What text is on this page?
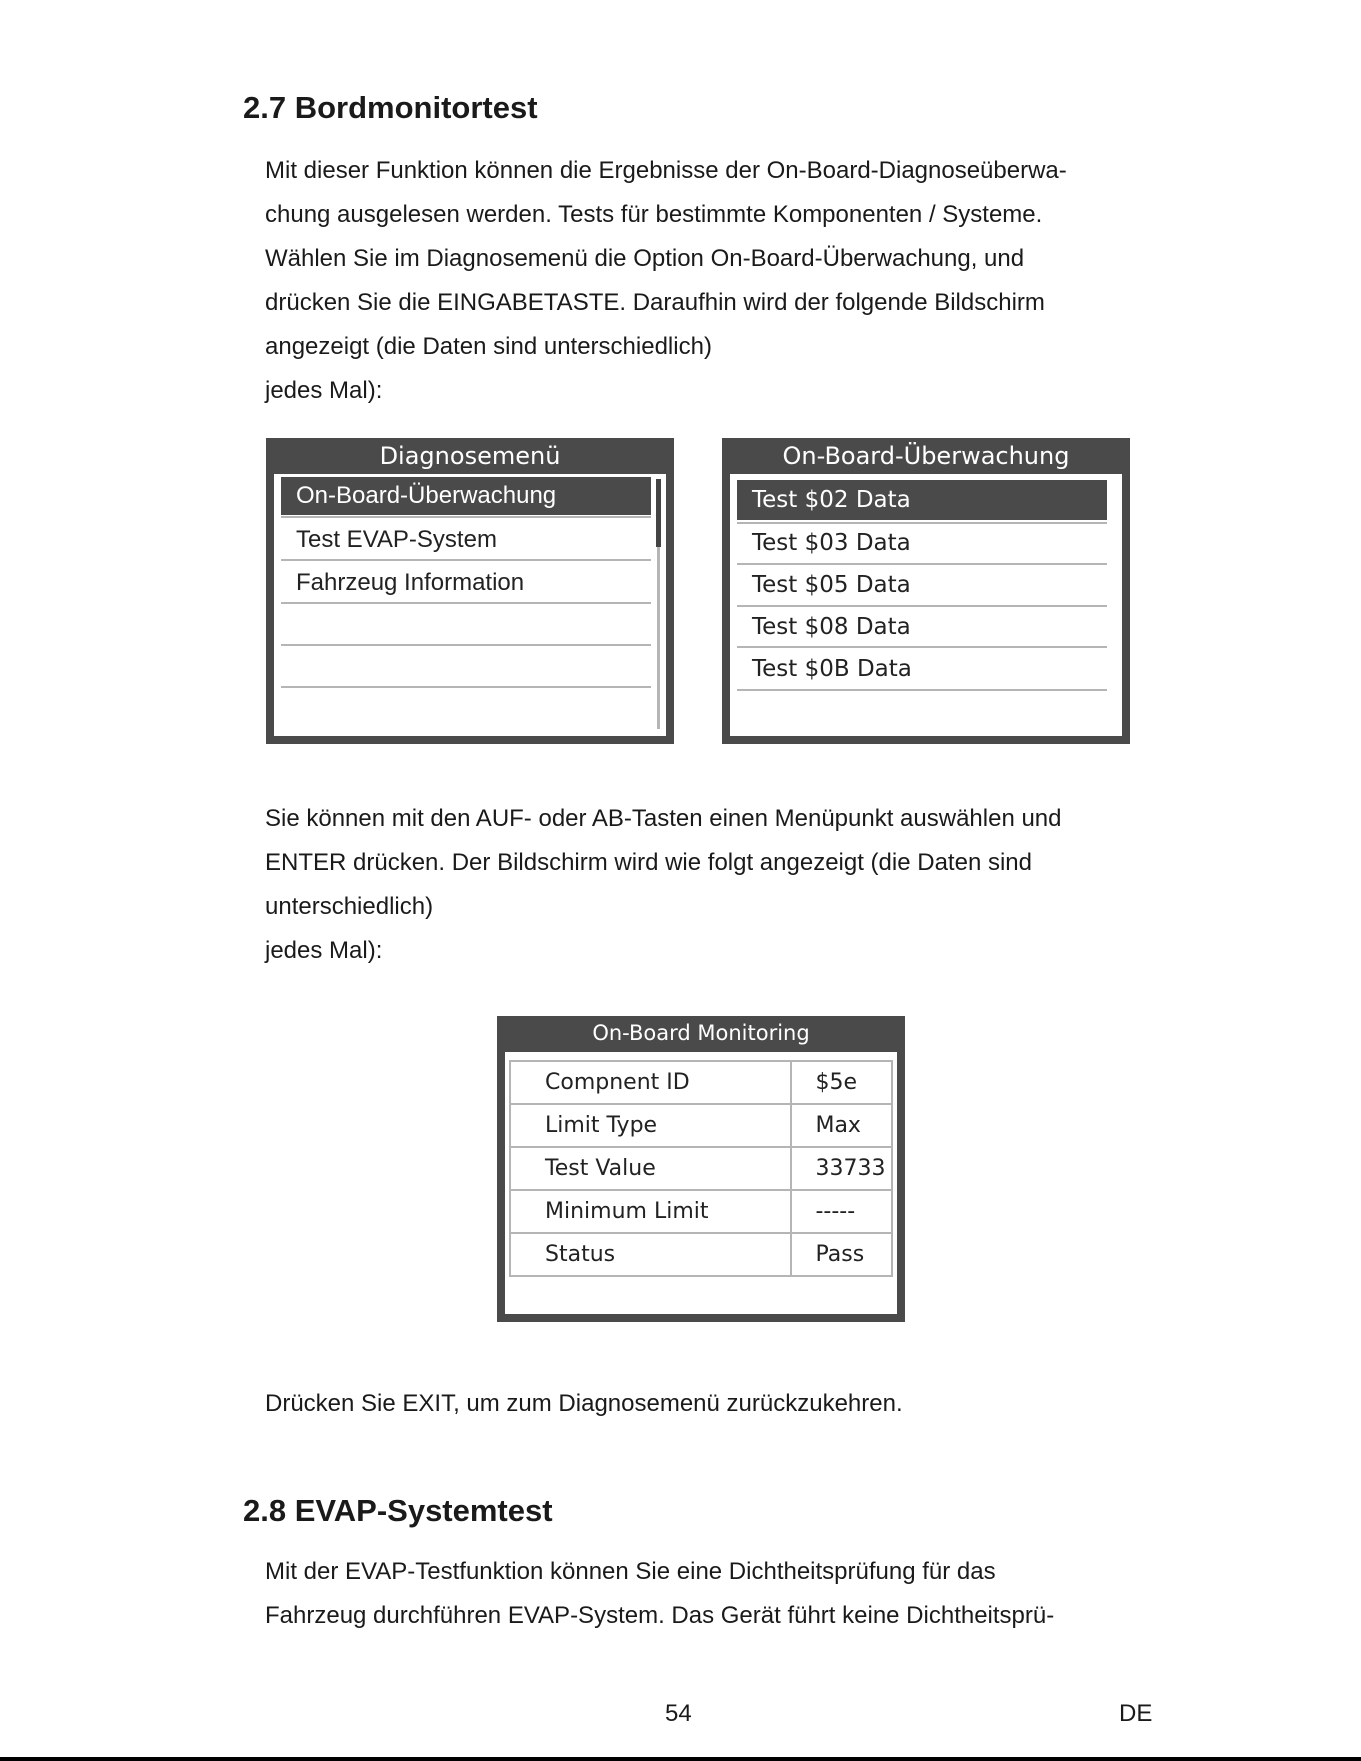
2.7 Bordmonitortest
Mit dieser Funktion können die Ergebnisse der On-Board-Diagnoseüberwa-
chung ausgelesen werden. Tests für bestimmte Komponenten / Systeme.
Wählen Sie im Diagnosemenü die Option On-Board-Überwachung, und
drücken Sie die EINGABETASTE. Daraufhin wird der folgende Bildschirm
angezeigt (die Daten sind unterschiedlich)
jedes Mal):
Diagnosemenü
On-Board-Überwachung
Test EVAP-System
Fahrzeug Information
On-Board-Überwachung
Test $02 Data
Test $03 Data
Test $05 Data
Test $08 Data
Test $0B Data
Sie können mit den AUF- oder AB-Tasten einen Menüpunkt auswählen und
ENTER drücken. Der Bildschirm wird wie folgt angezeigt (die Daten sind
unterschiedlich)
jedes Mal):
On-Board Monitoring
Compnent ID	$5e
Limit Type	Max
Test Value	33733
Minimum Limit	-----
Status	Pass
Drücken Sie EXIT, um zum Diagnosemenü zurückzukehren.
2.8 EVAP-Systemtest
Mit der EVAP-Testfunktion können Sie eine Dichtheitsprüfung für das
Fahrzeug durchführen EVAP-System. Das Gerät führt keine Dichtheitsprü-
54	DE
